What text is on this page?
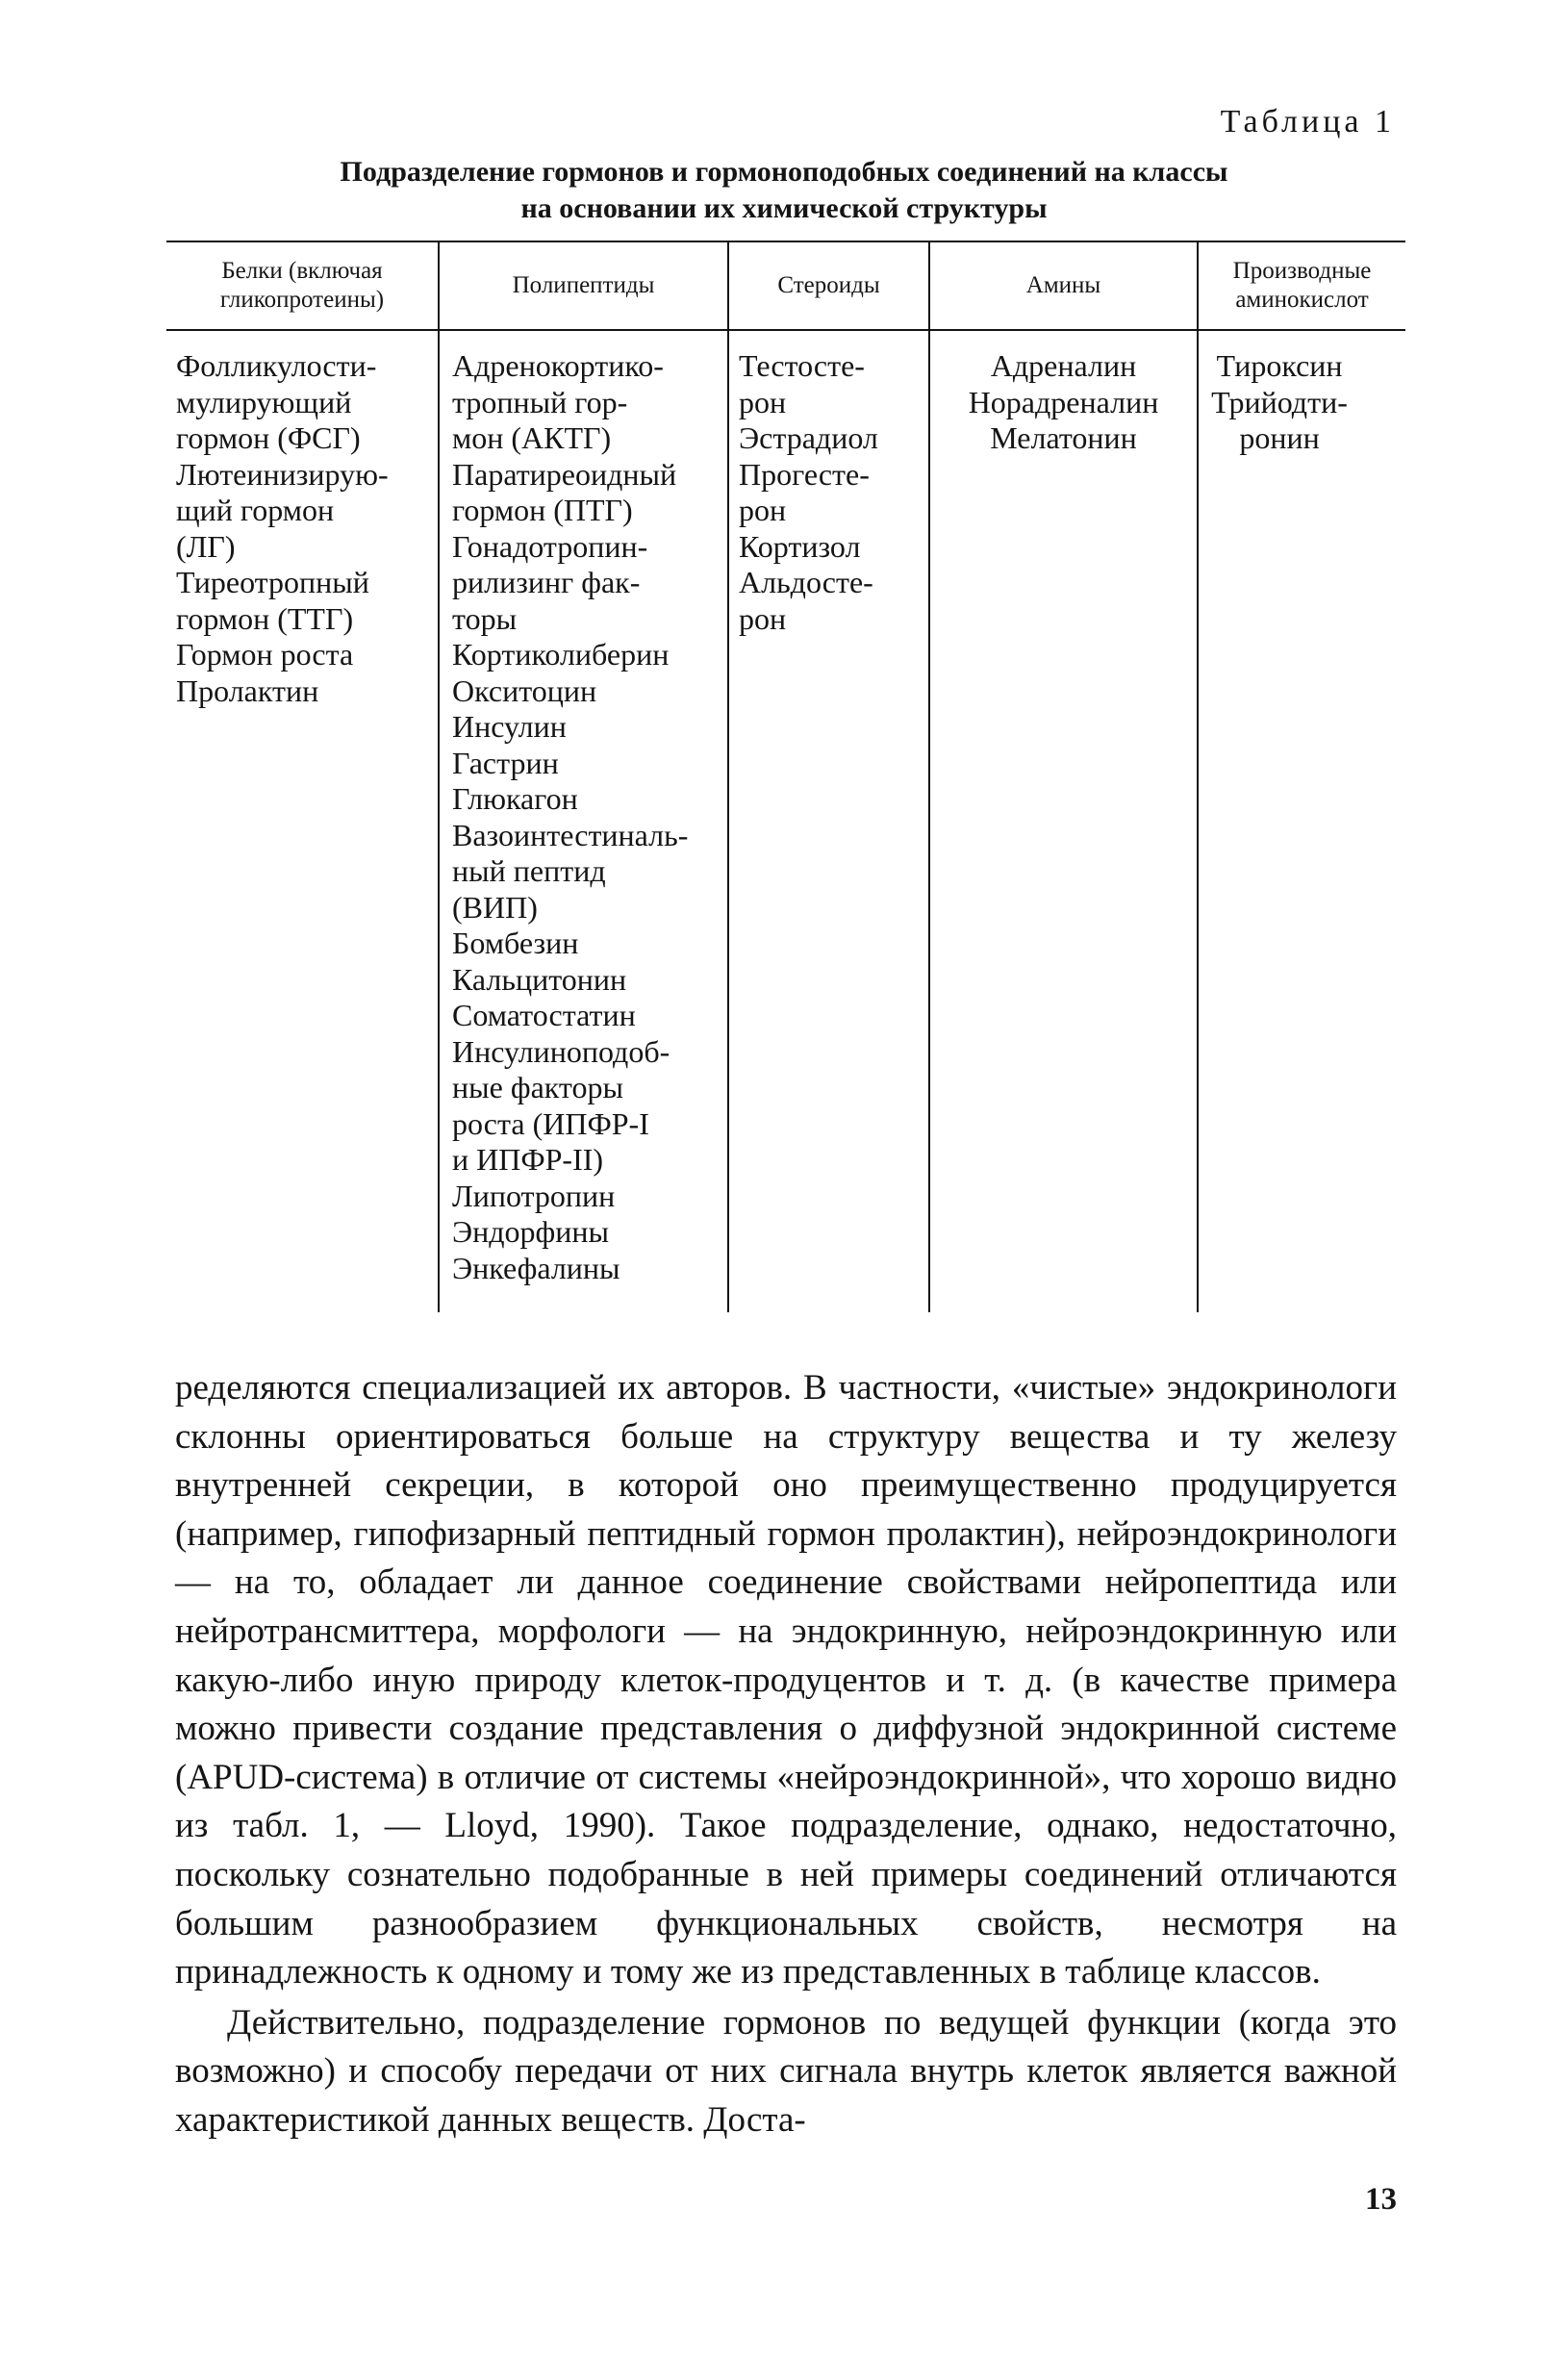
Таблица 1
Подразделение гормонов и гормоноподобных соединений на классы
на основании их химической структуры
Белки (включая
гликопротеины)
Полипептиды	Стероиды	Амины
Производные
аминокислот
Фолликулости-
мулирующий
гормон (ФСГ)
Лютеинизирую-
щий гормон
(ЛГ)
Тиреотропный
гормон (ТТГ)
Гормон роста
Пролактин
Адренокортико-
тропный гор-
мон (АКТГ)
Паратиреоидный
гормон (ПТГ)
Гонадотропин-
рилизинг фак-
торы
Кортиколиберин
Окситоцин
Инсулин
Гастрин
Глюкагон
Вазоинтестиналь-
ный пептид
(ВИП)
Бомбезин
Кальцитонин
Соматостатин
Инсулиноподоб-
ные факторы
роста (ИПФР-I
и ИПФР-II)
Липотропин
Эндорфины
Энкефалины
Тестосте-
рон
Эстрадиол
Прогесте-
рон
Кортизол
Альдосте-
рон
Адреналин
Норадреналин
Мелатонин
Тироксин
Трийодти-
ронин

ределяются специализацией их авторов. В частности, «чистые» эндокринологи склонны ориентироваться больше на структуру вещества и ту железу внутренней секреции, в которой оно преимущественно продуцируется (например, гипофизарный пептидный гормон пролактин), нейроэндокринологи — на то, обладает ли данное соединение свойствами нейропептида или нейротрансмиттера, морфологи — на эндокринную, нейроэндокринную или какую-либо иную природу клеток-продуцентов и т. д. (в качестве примера можно привести создание представления о диффузной эндокринной системе (APUD-система) в отличие от системы «нейроэндокринной», что хорошо видно из табл. 1, — Lloyd, 1990). Такое подразделение, однако, недостаточно, поскольку сознательно подобранные в ней примеры соединений отличаются большим разнообразием функциональных свойств, несмотря на принадлежность к одному и тому же из представленных в таблице классов.

Действительно, подразделение гормонов по ведущей функции (когда это возможно) и способу передачи от них сигнала внутрь клеток является важной характеристикой данных веществ. Доста-

13
